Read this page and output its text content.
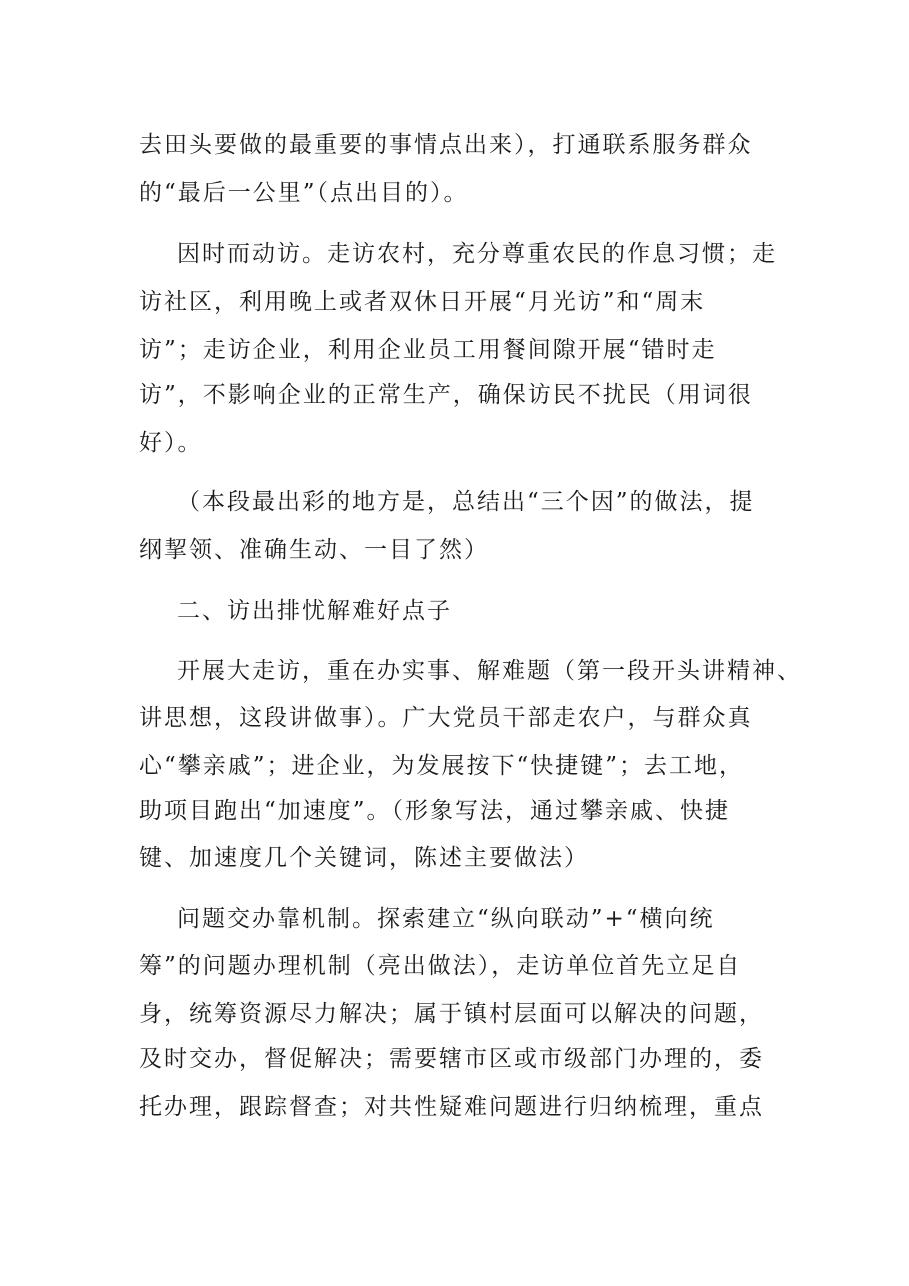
去田头要做的最重要的事情点出来），打通联系服务群众
的“最后一公里”（点出目的）。
因时而动访。走访农村，充分尊重农民的作息习惯；走
访社区，利用晚上或者双休日开展“月光访”和“周末
访”；走访企业，利用企业员工用餐间隙开展“错时走
访”，不影响企业的正常生产，确保访民不扰民（用词很
好）。
（本段最出彩的地方是，总结出“三个因”的做法，提
纲挈领、准确生动、一目了然）
二、访出排忧解难好点子
开展大走访，重在办实事、解难题（第一段开头讲精神、
讲思想，这段讲做事）。广大党员干部走农户，与群众真
心“攀亲戚”；进企业，为发展按下“快捷键”；去工地，
助项目跑出“加速度”。（形象写法，通过攀亲戚、快捷
键、加速度几个关键词，陈述主要做法）
问题交办靠机制。探索建立“纵向联动”+“横向统
筹”的问题办理机制（亮出做法），走访单位首先立足自
身，统筹资源尽力解决；属于镇村层面可以解决的问题，
及时交办，督促解决；需要辖市区或市级部门办理的，委
托办理，跟踪督查；对共性疑难问题进行归纳梳理，重点
